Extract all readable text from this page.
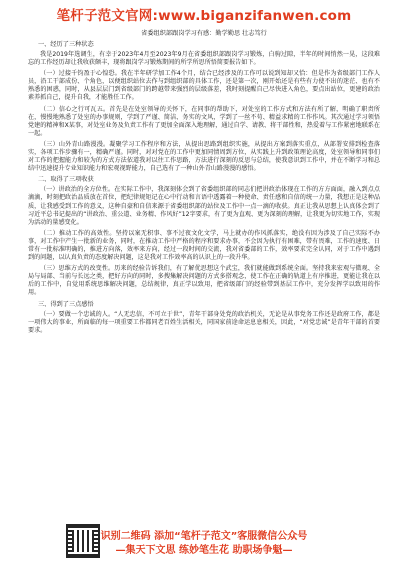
笔杆子范文官网:www.biganzifanwen.com
省委组织部跟岗学习有感：勤学勤思 壮志笃行
一、经历了三种状态

我是2019年选调生，有幸于2023年4月至2023年9月在省委组织部跟岗学习锻炼，白驹过隙，半年的时间悄然一晃，这段难忘的工作经历却让我收获颇丰，现将跟岗学习锻炼期间的所学所思所悟简要报告如下。

（一）过接千钧盈于心惶恐。我在半年研学加工作4个月，结合已经涉及的工作可以说到知却又恰：但是作为省级部门工作人员，沿工干部成份、个角色，以便组织站位去作与到组织部的具体工作，还是第一次，刚开始还是有些有力使不出的迷茫、也有不熟悉的困惑，同时，从县层层门到省级部门的跨越带来强烈的层级落差，我时刻提醒自己尽快进入角色，要点出站位，更建的政治素养抓自己，提升自我，才能胜任工作。

（二）信心之行可瓦五。首先是在处室领导的关怀下，在同事的帮助下，对处室的工作方式和方法有所了解，明确了职责所在，慢慢地熟悉了处室的办事规则，学到了严谨、简洁、务实的文风，学到了一丝不苟、精益求精的工作作风。其次通过学习领悟党建的精神和X某事，对处室业务及负责工作有了更加全面深入地理解，通过自学、请教、将干部性和，热爱着与工作紧密地联系在一起。

（三）山外青山路漫漫。凝聚学习工作程序和方法，从提出思路到组织实施，从提出方案到落实重点，从部署安排到检查落实，各项工作步骤有一，精确严谨。同时，对对党在的工作中更加同情周到方位，从实践上升到政策理论高度，处室领导和同事们对工作的把握能力和较为的方式方法依道我对以往工作思路，方法进行深刻的反思与总结，使我意识到工作中，并在不断学习和总结中迅速提升专业知识能力和宏观视野能力，自己选有了一种山外青山路漫漫的感悟。

二、取得了三项收获

（一）讲政治的全方位性。在实际工作中，我深刻体会到了省委组织部的同志们把讲政治体现在工作的方方面面，融入到点点滴滴，时刻把政治品质放在首位，把纪律规矩记在心中行动和言语中透露着一种使命、责任感和自信的统一力量，我想正是这种品质，让我感受到工作的意义，这种自豪和自信来源于省委组织部的站位及工作中一点一滴的收获。真正让我从思想上认真体会到了习近平总书记提出的“讲政治、重公道、业务精、作风好”12字要求，有了更为直观、更为深刻的理解，让我更为切实地工作，实现为活动的量感变化。

（二）推动工作的高效性。坚持以案无积事、事不过夜文化文学，马上就办的作风抓落实，绝没有因为涉及了自己实际不办事，对工作中产生一批新的业务，同时，在推动工作中严格的程序和要求办事，不会因为执行有困难，带有畏难，工作的速度、日常有一批标准明确的，推进方向落，效率来方向，经过一段时间的交流，我对省委部的工作，效率要求完全认同，对于工作中遇到到的问题，以认真负责的态度解决问题，这是我对工作效率高的认识上的一段升华。

（三）思维方式的改变性。历来的经验告诉我们，有了解优思想这个武宝，我们就能做到系统全面。坚持我来宏观与微观、全局与局部、当前与长远之类，把好方向的同时，多搜集解决问题的方式多搭观念，使工作在正确的轨道上有序推进，更能让我在以后的工作中，自觉用系统思维解决问题，总结规律，真正学以致用，把省级部门的经验带到基层工作中，充分发挥学以致用的作用。

三、得到了三点感悟

（一）要做一个忠诚的人。“人无忠信，不可立于世”，青年干部身处党的政治机关，无论是从事党务工作还是政府工作，都是一项伟大的事业，所面临的每一项重要工作都同老百姓生活相关，同国家前途命运息息相关，因此，“对党忠诚”是青年干部的首要要求。

识别二维码 添加“笔杆子范文”客服微信公众号
—集天下文思 练妙笔生花 助职场争魁—
